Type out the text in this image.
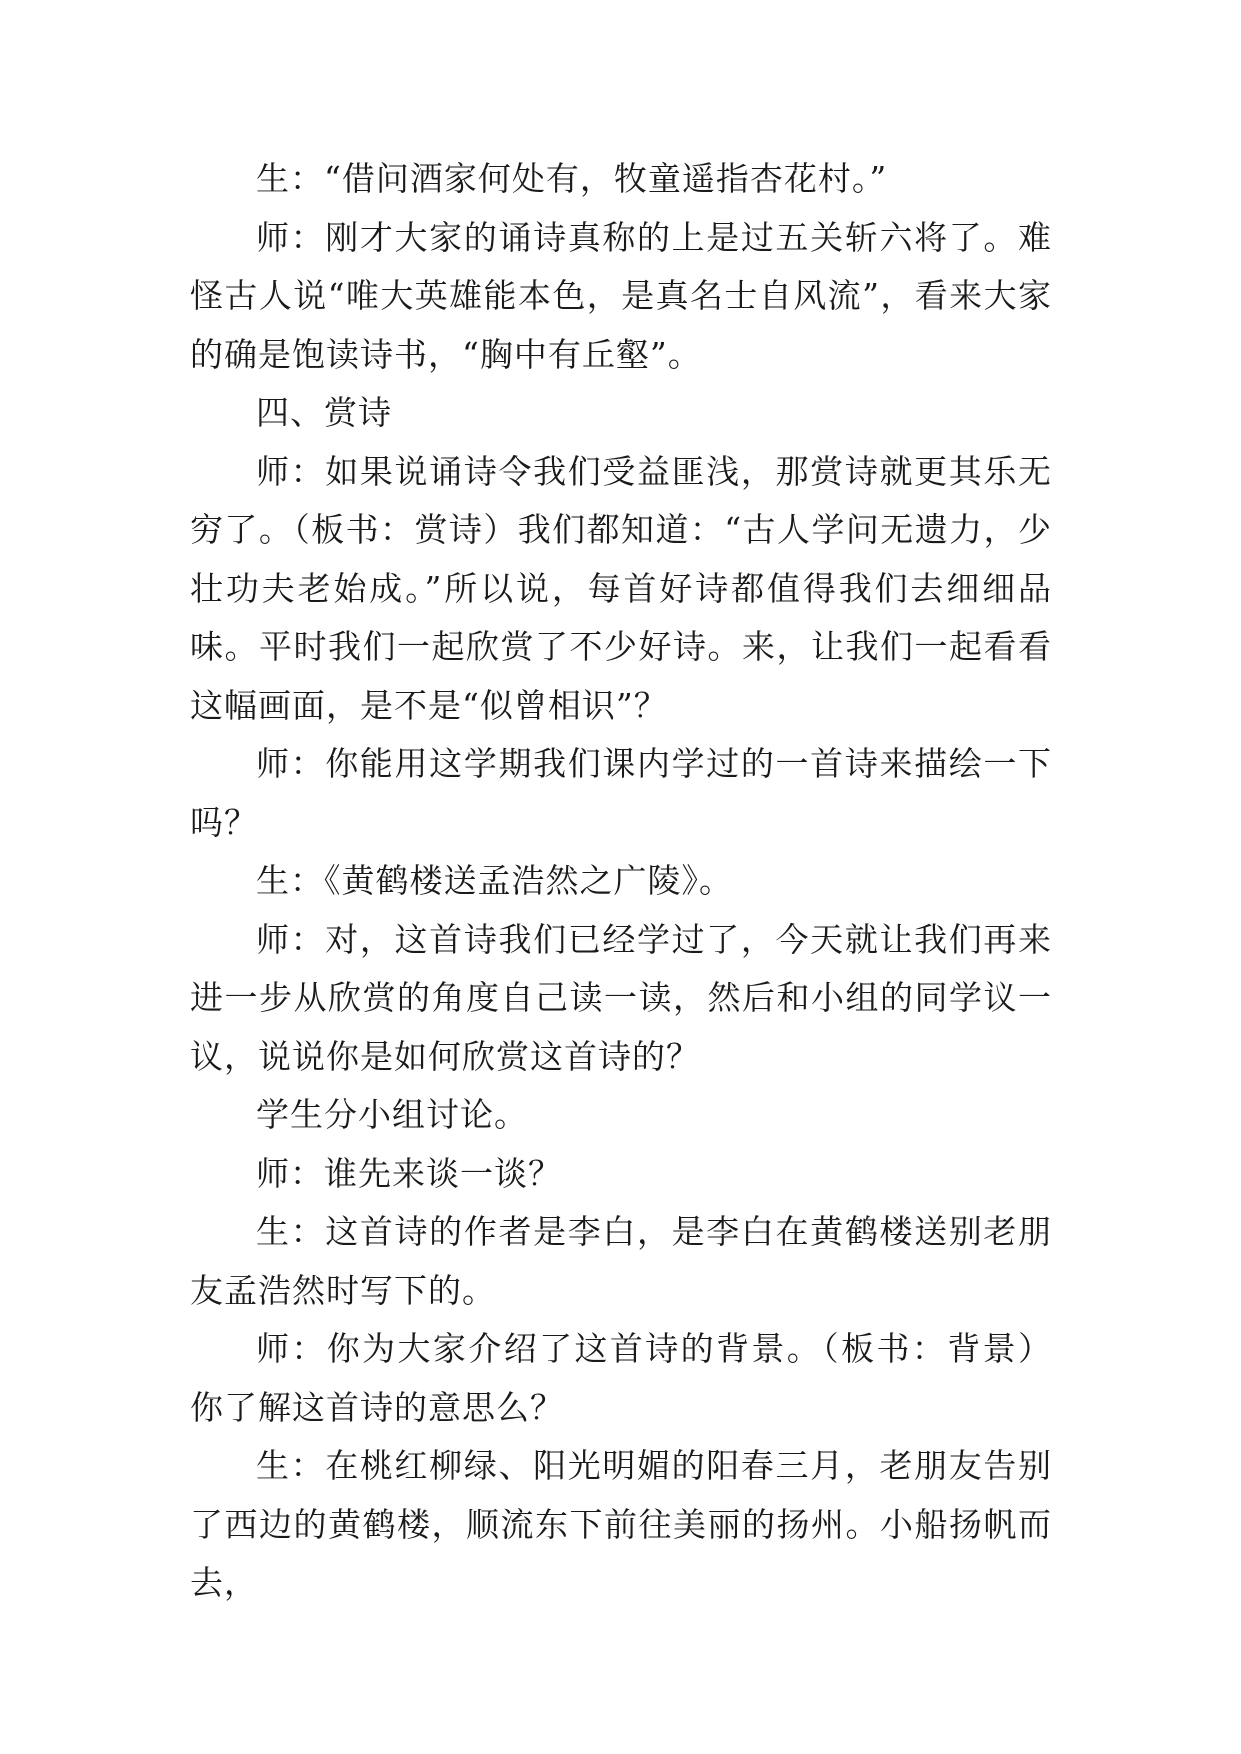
生：“借问酒家何处有，牧童遥指杏花村。”

师：刚才大家的诵诗真称的上是过五关斩六将了。难怪古人说“唯大英雄能本色，是真名士自风流”，看来大家的确是饱读诗书，“胸中有丘壑”。

四、赏诗

师：如果说诵诗令我们受益匪浅，那赏诗就更其乐无穷了。（板书：赏诗）我们都知道：“古人学问无遗力，少壮功夫老始成。”所以说，每首好诗都值得我们去细细品味。平时我们一起欣赏了不少好诗。来，让我们一起看看这幅画面，是不是“似曾相识”？

师：你能用这学期我们课内学过的一首诗来描绘一下吗？

生：《黄鹤楼送孟浩然之广陵》。

师：对，这首诗我们已经学过了，今天就让我们再来进一步从欣赏的角度自己读一读，然后和小组的同学议一议，说说你是如何欣赏这首诗的？

学生分小组讨论。

师：谁先来谈一谈？

生：这首诗的作者是李白，是李白在黄鹤楼送别老朋友孟浩然时写下的。

师：你为大家介绍了这首诗的背景。（板书：背景）你了解这首诗的意思么？

生：在桃红柳绿、阳光明媚的阳春三月，老朋友告别了西边的黄鹤楼，顺流东下前往美丽的扬州。小船扬帆而去，
